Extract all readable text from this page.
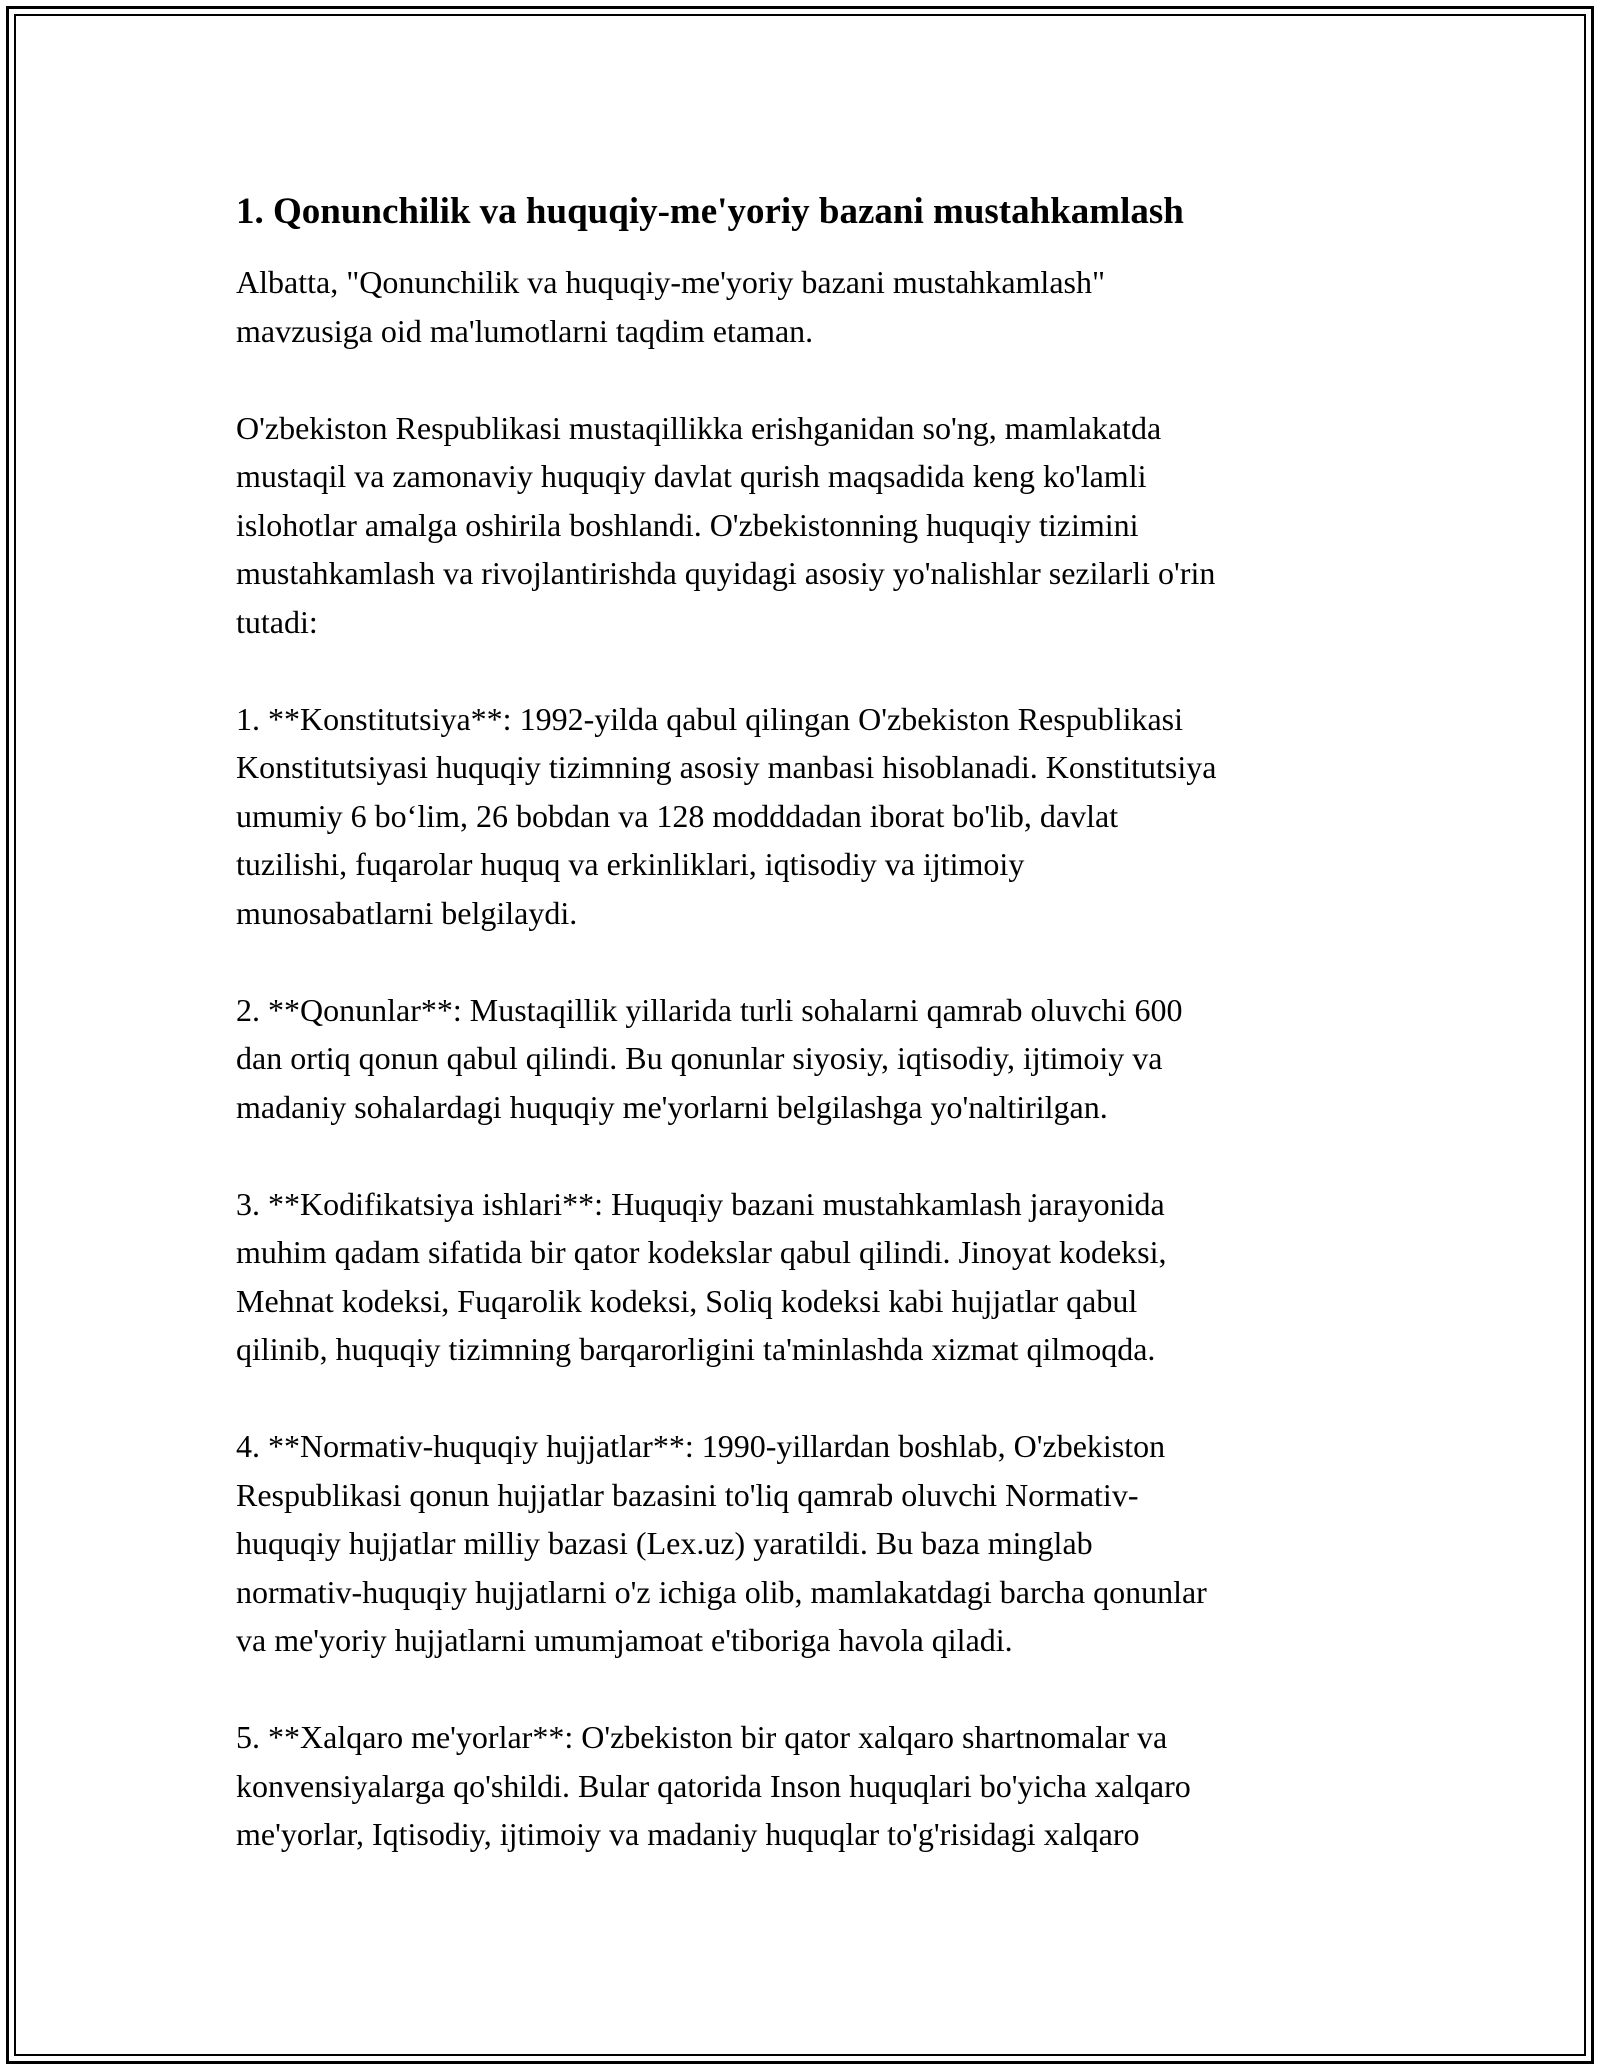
1. Qonunchilik va huquqiy-me'yoriy bazani mustahkamlash
Albatta, "Qonunchilik va huquqiy-me'yoriy bazani mustahkamlash"
mavzusiga oid ma'lumotlarni taqdim etaman.
O'zbekiston Respublikasi mustaqillikka erishganidan so'ng, mamlakatda
mustaqil va zamonaviy huquqiy davlat qurish maqsadida keng ko'lamli
islohotlar amalga oshirila boshlandi. O'zbekistonning huquqiy tizimini
mustahkamlash va rivojlantirishda quyidagi asosiy yo'nalishlar sezilarli o'rin
tutadi:
1. **Konstitutsiya**: 1992-yilda qabul qilingan O'zbekiston Respublikasi
Konstitutsiyasi huquqiy tizimning asosiy manbasi hisoblanadi. Konstitutsiya
umumiy 6 bo‘lim, 26 bobdan va 128 modddadan iborat bo'lib, davlat
tuzilishi, fuqarolar huquq va erkinliklari, iqtisodiy va ijtimoiy
munosabatlarni belgilaydi.
2. **Qonunlar**: Mustaqillik yillarida turli sohalarni qamrab oluvchi 600
dan ortiq qonun qabul qilindi. Bu qonunlar siyosiy, iqtisodiy, ijtimoiy va
madaniy sohalardagi huquqiy me'yorlarni belgilashga yo'naltirilgan.
3. **Kodifikatsiya ishlari**: Huquqiy bazani mustahkamlash jarayonida
muhim qadam sifatida bir qator kodekslar qabul qilindi. Jinoyat kodeksi,
Mehnat kodeksi, Fuqarolik kodeksi, Soliq kodeksi kabi hujjatlar qabul
qilinib, huquqiy tizimning barqarorligini ta'minlashda xizmat qilmoqda.
4. **Normativ-huquqiy hujjatlar**: 1990-yillardan boshlab, O'zbekiston
Respublikasi qonun hujjatlar bazasini to'liq qamrab oluvchi Normativ-
huquqiy hujjatlar milliy bazasi (Lex.uz) yaratildi. Bu baza minglab
normativ-huquqiy hujjatlarni o'z ichiga olib, mamlakatdagi barcha qonunlar
va me'yoriy hujjatlarni umumjamoat e'tiboriga havola qiladi.
5. **Xalqaro me'yorlar**: O'zbekiston bir qator xalqaro shartnomalar va
konvensiyalarga qo'shildi. Bular qatorida Inson huquqlari bo'yicha xalqaro
me'yorlar, Iqtisodiy, ijtimoiy va madaniy huquqlar to'g'risidagi xalqaro
